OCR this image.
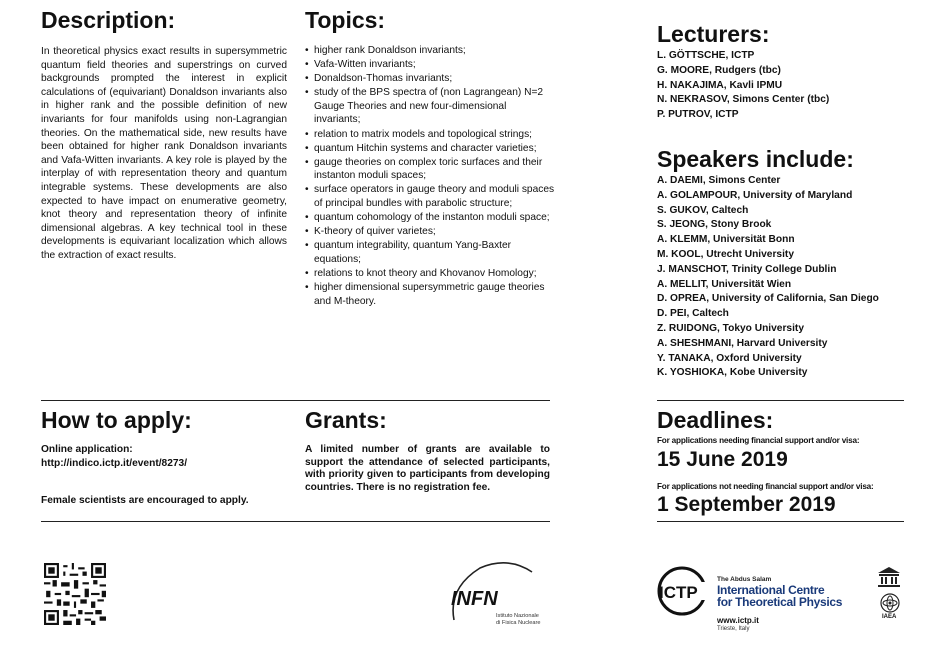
Description:

In theoretical physics exact results in supersymmetric quantum field theories and superstrings on curved backgrounds prompted the interest in explicit calculations of (equivariant) Donaldson invariants also in higher rank and the possible definition of new invariants for four manifolds using non-Lagrangian theories. On the mathematical side, new results have been obtained for higher rank Donaldson invariants and Vafa-Witten invariants. A key role is played by the interplay of with representation theory and quantum integrable systems. These developments are also expected to have impact on enumerative geometry, knot theory and representation theory of infinite dimensional algebras. A key technical tool in these developments is equivariant localization which allows the extraction of exact results.

Topics:
• higher rank Donaldson invariants;
• Vafa-Witten invariants;
• Donaldson-Thomas invariants;
• study of the BPS spectra of (non Lagrangean) N=2 Gauge Theories and new four-dimensional invariants;
• relation to matrix models and topological strings;
• quantum Hitchin systems and character varieties;
• gauge theories on complex toric surfaces and their instanton moduli spaces;
• surface operators in gauge theory and moduli spaces of principal bundles with parabolic structure;
• quantum cohomology of the instanton moduli space;
• K-theory of quiver varietes;
• quantum integrability, quantum Yang-Baxter equations;
• relations to knot theory and Khovanov Homology;
• higher dimensional supersymmetric gauge theories and M-theory.
Lecturers:
L. GÖTTSCHE, ICTP
G. MOORE, Rudgers (tbc)
H. NAKAJIMA, Kavli IPMU
N. NEKRASOV, Simons Center (tbc)
P. PUTROV, ICTP
Speakers include:
A. DAEMI, Simons Center
A. GOLAMPOUR, University of Maryland
S. GUKOV, Caltech
S. JEONG, Stony Brook
A. KLEMM, Universität Bonn
M. KOOL, Utrecht University
J. MANSCHOT, Trinity College Dublin
A. MELLIT, Universität Wien
D. OPREA, University of California, San Diego
D. PEI, Caltech
Z. RUIDONG, Tokyo University
A. SHESHMANI, Harvard University
Y. TANAKA, Oxford University
K. YOSHIOKA, Kobe University
How to apply:
Online application:
http://indico.ictp.it/event/8273/
Female scientists are encouraged to apply.
Grants:

A limited number of grants are available to support the attendance of selected participants, with priority given to participants from developing countries. There is no registration fee.

Deadlines:
For applications needing financial support and/or visa:
15 June 2019
For applications not needing financial support and/or visa:
1 September 2019
INFN
Istituto Nazionale
di Fisica Nucleare
ICTP
The Abdus Salam
International Centre
for Theoretical Physics
www.ictp.it
Trieste, Italy
IAEA
